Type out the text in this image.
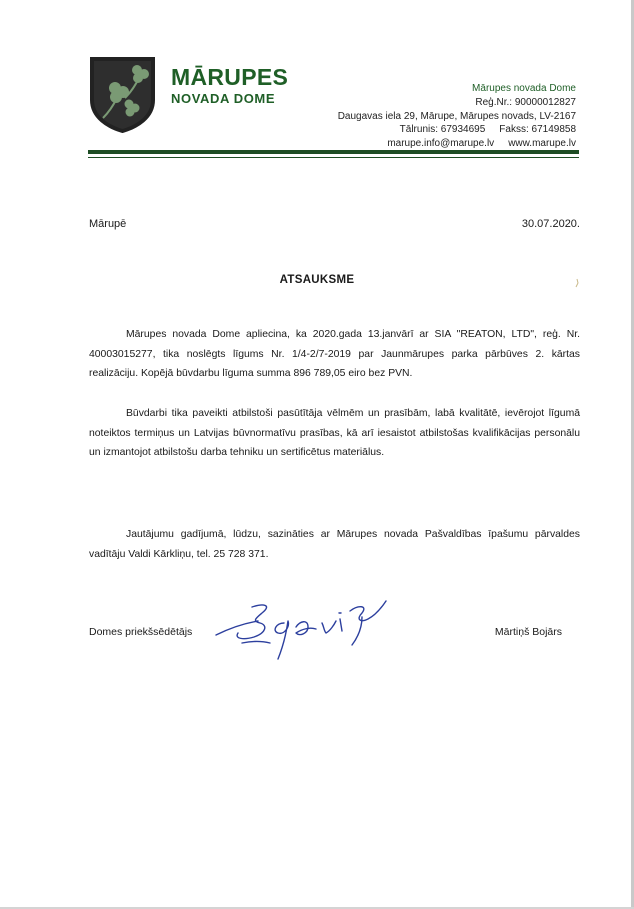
MĀRUPES
NOVADA DOME
Mārupes novada Dome
Reģ.Nr.: 90000012827
Daugavas iela 29, Mārupe, Mārupes novads, LV-2167
Tālrunis: 67934695 Fakss: 67149858
marupe.info@marupe.lv www.marupe.lv
Mārupē	30.07.2020.
ATSAUKSME
Mārupes novada Dome apliecina, ka 2020.gada 13.janvārī ar SIA "REATON, LTD", reģ. Nr. 40003015277, tika noslēgts līgums Nr. 1/4-2/7-2019 par Jaunmārupes parka pārbūves 2. kārtas realizāciju. Kopējā būvdarbu līguma summa 896 789,05 eiro bez PVN.
Būvdarbi tika paveikti atbilstoši pasūtītāja vēlmēm un prasībām, labā kvalitātē, ievērojot līgumā noteiktos termiņus un Latvijas būvnormatīvu prasības, kā arī iesaistot atbilstošas kvalifikācijas personālu un izmantojot atbilstošu darba tehniku un sertificētus materiālus.
Jautājumu gadījumā, lūdzu, sazināties ar Mārupes novada Pašvaldības īpašumu pārvaldes vadītāju Valdi Kārkliņu, tel. 25 728 371.
Domes priekšsēdētājs	Mārtiņš Bojārs
